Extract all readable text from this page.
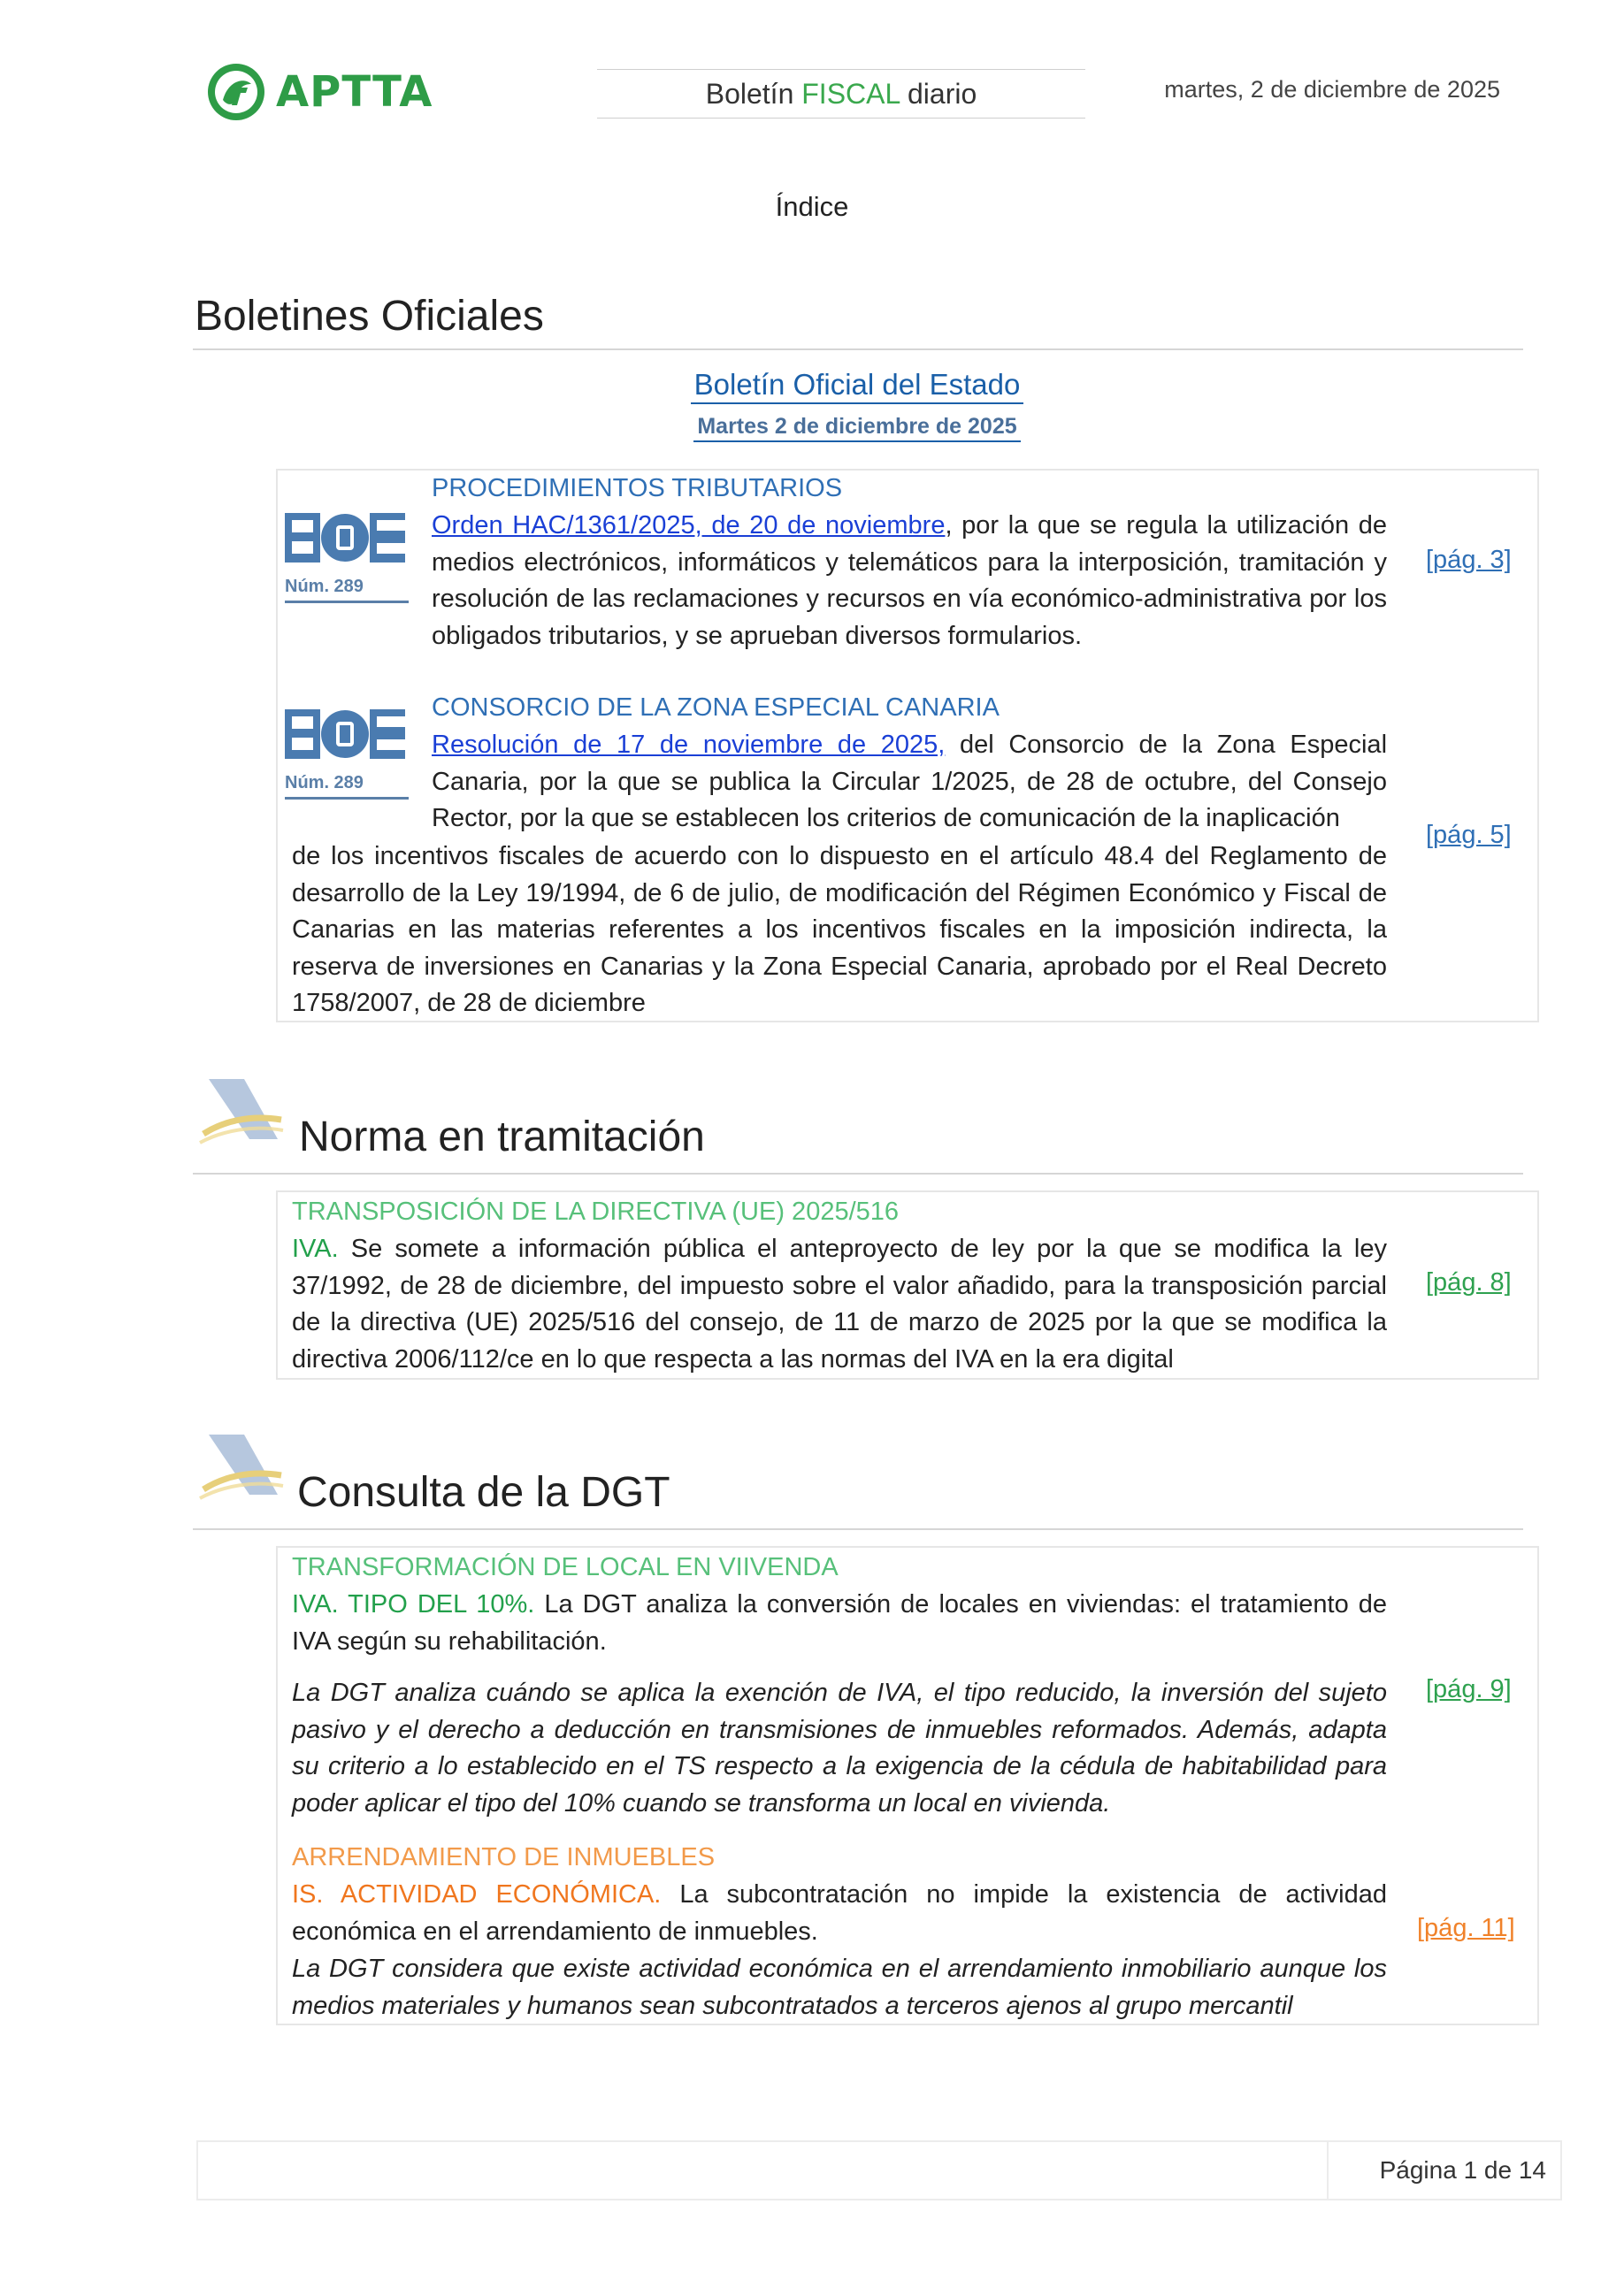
APTTA	Boletín FISCAL diario	martes, 2 de diciembre de 2025
Índice
Boletines Oficiales
Boletín Oficial del Estado
Martes 2 de diciembre de 2025
Núm. 289
PROCEDIMIENTOS TRIBUTARIOS
Orden HAC/1361/2025, de 20 de noviembre, por la que se regula la utilización de medios electrónicos, informáticos y telemáticos para la interposición, tramitación y resolución de las reclamaciones y recursos en vía económico-administrativa por los obligados tributarios, y se aprueban diversos formularios.
[pág. 3]
Núm. 289
CONSORCIO DE LA ZONA ESPECIAL CANARIA
Resolución de 17 de noviembre de 2025, del Consorcio de la Zona Especial Canaria, por la que se publica la Circular 1/2025, de 28 de octubre, del Consejo Rector, por la que se establecen los criterios de comunicación de la inaplicación
de los incentivos fiscales de acuerdo con lo dispuesto en el artículo 48.4 del Reglamento de desarrollo de la Ley 19/1994, de 6 de julio, de modificación del Régimen Económico y Fiscal de Canarias en las materias referentes a los incentivos fiscales en la imposición indirecta, la reserva de inversiones en Canarias y la Zona Especial Canaria, aprobado por el Real Decreto 1758/2007, de 28 de diciembre
[pág. 5]
Norma en tramitación
TRANSPOSICIÓN DE LA DIRECTIVA (UE) 2025/516
IVA. Se somete a información pública el anteproyecto de ley por la que se modifica la ley 37/1992, de 28 de diciembre, del impuesto sobre el valor añadido, para la transposición parcial de la directiva (UE) 2025/516 del consejo, de 11 de marzo de 2025 por la que se modifica la directiva 2006/112/ce en lo que respecta a las normas del IVA en la era digital
[pág. 8]
Consulta de la DGT
TRANSFORMACIÓN DE LOCAL EN VIIVENDA
IVA. TIPO DEL 10%. La DGT analiza la conversión de locales en viviendas: el tratamiento de IVA según su rehabilitación.
La DGT analiza cuándo se aplica la exención de IVA, el tipo reducido, la inversión del sujeto pasivo y el derecho a deducción en transmisiones de inmuebles reformados. Además, adapta su criterio a lo establecido en el TS respecto a la exigencia de la cédula de habitabilidad para poder aplicar el tipo del 10% cuando se transforma un local en vivienda.
[pág. 9]
ARRENDAMIENTO DE INMUEBLES
IS. ACTIVIDAD ECONÓMICA. La subcontratación no impide la existencia de actividad económica en el arrendamiento de inmuebles.
La DGT considera que existe actividad económica en el arrendamiento inmobiliario aunque los medios materiales y humanos sean subcontratados a terceros ajenos al grupo mercantil
[pág. 11]
Página 1 de 14
